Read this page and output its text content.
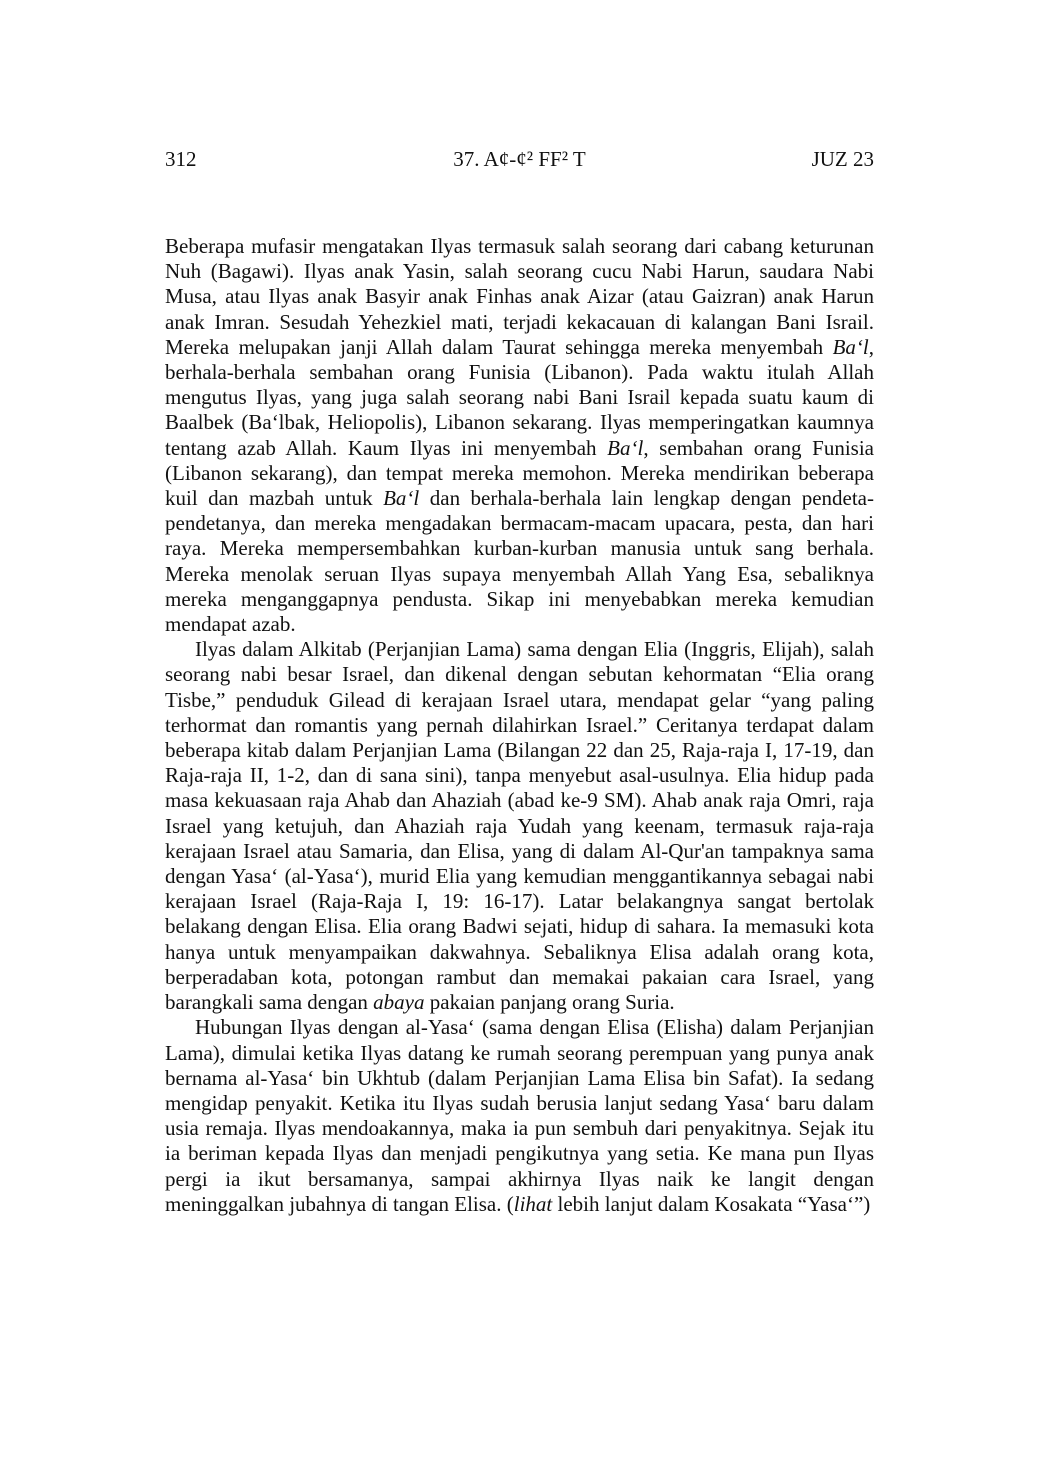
312	37. A¢-¢² FF² T	JUZ 23

Beberapa mufasir mengatakan Ilyas termasuk salah seorang dari cabang keturunan Nuh (Bagawi). Ilyas anak Yasin, salah seorang cucu Nabi Harun, saudara Nabi Musa, atau Ilyas anak Basyir anak Finhas anak Aizar (atau Gaizran) anak Harun anak Imran. Sesudah Yehezkiel mati, terjadi kekacauan di kalangan Bani Israil. Mereka melupakan janji Allah dalam Taurat sehingga mereka menyembah Ba‘l, berhala-berhala sembahan orang Funisia (Libanon). Pada waktu itulah Allah mengutus Ilyas, yang juga salah seorang nabi Bani Israil kepada suatu kaum di Baalbek (Ba‘lbak, Heliopolis), Libanon sekarang. Ilyas memperingatkan kaumnya tentang azab Allah. Kaum Ilyas ini menyembah Ba‘l, sembahan orang Funisia (Libanon sekarang), dan tempat mereka memohon. Mereka mendirikan beberapa kuil dan mazbah untuk Ba‘l dan berhala-berhala lain lengkap dengan pendeta-pendetanya, dan mereka mengadakan bermacam-macam upacara, pesta, dan hari raya. Mereka mempersembahkan kurban-kurban manusia untuk sang berhala. Mereka menolak seruan Ilyas supaya menyembah Allah Yang Esa, sebaliknya mereka menganggapnya pendusta. Sikap ini menyebabkan mereka kemudian mendapat azab.

Ilyas dalam Alkitab (Perjanjian Lama) sama dengan Elia (Inggris, Elijah), salah seorang nabi besar Israel, dan dikenal dengan sebutan kehormatan “Elia orang Tisbe,” penduduk Gilead di kerajaan Israel utara, mendapat gelar “yang paling terhormat dan romantis yang pernah dilahirkan Israel.” Ceritanya terdapat dalam beberapa kitab dalam Perjanjian Lama (Bilangan 22 dan 25, Raja-raja I, 17-19, dan Raja-raja II, 1-2, dan di sana sini), tanpa menyebut asal-usulnya. Elia hidup pada masa kekuasaan raja Ahab dan Ahaziah (abad ke-9 SM). Ahab anak raja Omri, raja Israel yang ketujuh, dan Ahaziah raja Yudah yang keenam, termasuk raja-raja kerajaan Israel atau Samaria, dan Elisa, yang di dalam Al-Qur'an tampaknya sama dengan Yasa‘ (al-Yasa‘), murid Elia yang kemudian menggantikannya sebagai nabi kerajaan Israel (Raja-Raja I, 19: 16-17). Latar belakangnya sangat bertolak belakang dengan Elisa. Elia orang Badwi sejati, hidup di sahara. Ia memasuki kota hanya untuk menyampaikan dakwahnya. Sebaliknya Elisa adalah orang kota, berperadaban kota, potongan rambut dan memakai pakaian cara Israel, yang barangkali sama dengan abaya pakaian panjang orang Suria.

Hubungan Ilyas dengan al-Yasa‘ (sama dengan Elisa (Elisha) dalam Perjanjian Lama), dimulai ketika Ilyas datang ke rumah seorang perempuan yang punya anak bernama al-Yasa‘ bin Ukhtub (dalam Perjanjian Lama Elisa bin Safat). Ia sedang mengidap penyakit. Ketika itu Ilyas sudah berusia lanjut sedang Yasa‘ baru dalam usia remaja. Ilyas mendoakannya, maka ia pun sembuh dari penyakitnya. Sejak itu ia beriman kepada Ilyas dan menjadi pengikutnya yang setia. Ke mana pun Ilyas pergi ia ikut bersamanya, sampai akhirnya Ilyas naik ke langit dengan meninggalkan jubahnya di tangan Elisa. (lihat lebih lanjut dalam Kosakata “Yasa‘”)
